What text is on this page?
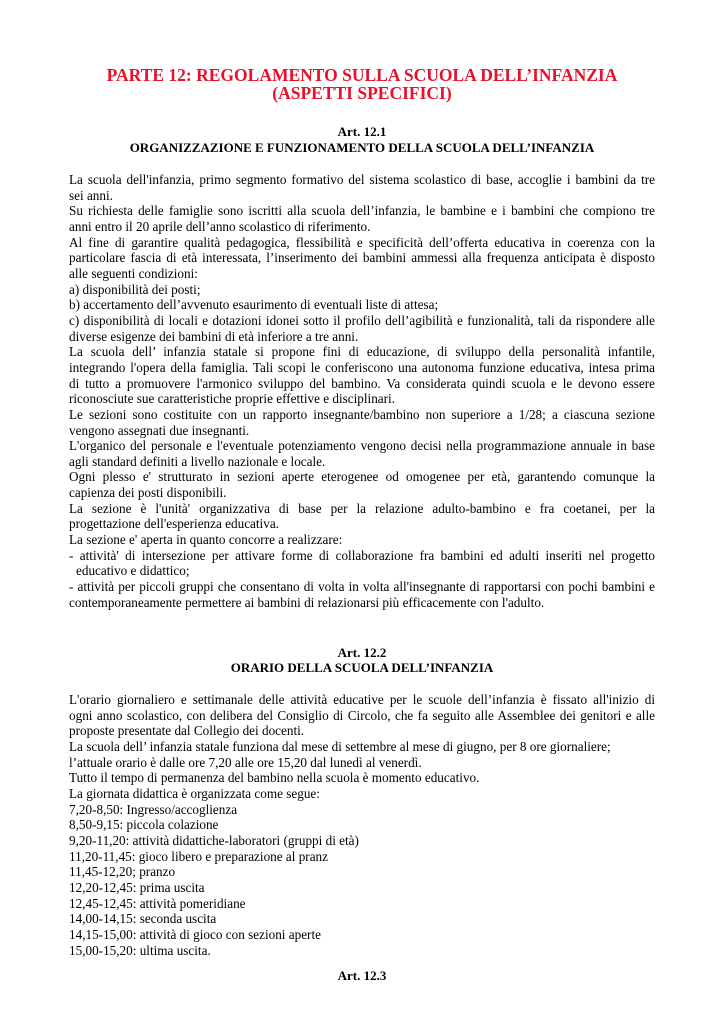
PARTE 12: REGOLAMENTO SULLA SCUOLA DELL’INFANZIA
(ASPETTI SPECIFICI)

Art. 12.1

ORGANIZZAZIONE E FUNZIONAMENTO DELLA SCUOLA DELL’INFANZIA

La scuola dell'infanzia, primo segmento formativo del sistema scolastico di base, accoglie i bambini da tre

sei anni.

Su richiesta delle famiglie sono iscritti alla scuola dell’infanzia, le bambine e i bambini che compiono tre

anni entro il 20 aprile dell’anno scolastico di riferimento.

Al fine di garantire qualità pedagogica, flessibilità e specificità dell’offerta educativa in coerenza con la

particolare fascia di età interessata, l’inserimento dei bambini ammessi alla frequenza anticipata è disposto

alle seguenti condizioni:

a) disponibilità dei posti;

b) accertamento dell’avvenuto esaurimento di eventuali liste di attesa;

c) disponibilità di locali e dotazioni idonei sotto il profilo dell’agibilità e funzionalità, tali da rispondere alle

diverse esigenze dei bambini di età inferiore a tre anni.

La scuola dell’ infanzia statale si propone fini di educazione, di sviluppo della personalità infantile,

integrando l'opera della famiglia. Tali scopi le conferiscono una autonoma funzione educativa, intesa prima

di tutto a promuovere l'armonico sviluppo del bambino. Va considerata quindi scuola e le devono essere

riconosciute sue caratteristiche proprie effettive e disciplinari.

Le sezioni sono costituite con un rapporto insegnante/bambino non superiore a 1/28; a ciascuna sezione

vengono assegnati due insegnanti.

L'organico del personale e l'eventuale potenziamento vengono decisi nella programmazione annuale in base

agli standard definiti a livello nazionale e locale.

Ogni plesso e' strutturato in sezioni aperte eterogenee od omogenee per età, garantendo comunque la

capienza dei posti disponibili.

La sezione è l'unità' organizzativa di base per la relazione adulto-bambino e fra coetanei, per la

progettazione dell'esperienza educativa.

La sezione e' aperta in quanto concorre a realizzare:

- attività' di intersezione per attivare forme di collaborazione fra bambini ed adulti inseriti nel progetto

educativo e didattico;

- attività per piccoli gruppi che consentano di volta in volta all'insegnante di rapportarsi con pochi bambini e

contemporaneamente permettere ai bambini di relazionarsi più efficacemente con l'adulto.

Art. 12.2

ORARIO DELLA SCUOLA DELL’INFANZIA

L'orario giornaliero e settimanale delle attività educative per le scuole dell’infanzia è fissato all'inizio di

ogni anno scolastico, con delibera del Consiglio di Circolo, che fa seguito alle Assemblee dei genitori e alle

proposte presentate dal Collegio dei docenti.

La scuola dell’ infanzia statale funziona dal mese di settembre al mese di giugno, per 8 ore giornaliere;

l’attuale orario è dalle ore 7,20 alle ore 15,20 dal lunedì al venerdì.

Tutto il tempo di permanenza del bambino nella scuola è momento educativo.

La giornata didattica è organizzata come segue:

7,20-8,50: Ingresso/accoglienza

8,50-9,15: piccola colazione

9,20-11,20: attività didattiche-laboratori (gruppi di età)

11,20-11,45: gioco libero e preparazione al pranz

11,45-12,20; pranzo

12,20-12,45: prima uscita

12,45-12,45: attività pomeridiane

14,00-14,15: seconda uscita

14,15-15,00: attività di gioco con sezioni aperte

15,00-15,20: ultima uscita.

Art. 12.3
